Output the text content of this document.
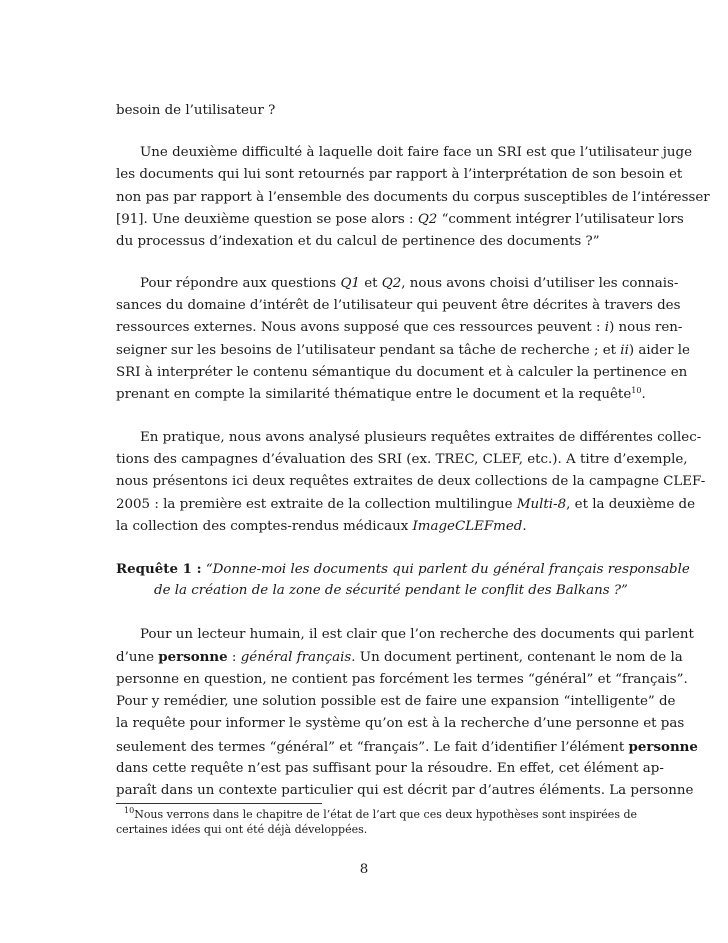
besoin de l’utilisateur ?
Une deuxième difficulté à laquelle doit faire face un SRI est que l’utilisateur juge
les documents qui lui sont retournés par rapport à l’interprétation de son besoin et
non pas par rapport à l’ensemble des documents du corpus susceptibles de l’intéresser
[91]. Une deuxième question se pose alors : Q2 “comment intégrer l’utilisateur lors
du processus d’indexation et du calcul de pertinence des documents ?”
Pour répondre aux questions Q1 et Q2, nous avons choisi d’utiliser les connais-
sances du domaine d’intérêt de l’utilisateur qui peuvent être décrites à travers des
ressources externes. Nous avons supposé que ces ressources peuvent : i) nous ren-
seigner sur les besoins de l’utilisateur pendant sa tâche de recherche ; et ii) aider le
SRI à interpréter le contenu sémantique du document et à calculer la pertinence en
prenant en compte la similarité thématique entre le document et la requête$^{10}$.
En pratique, nous avons analysé plusieurs requêtes extraites de différentes collec-
tions des campagnes d’évaluation des SRI (ex. TREC, CLEF, etc.). A titre d’exemple,
nous présentons ici deux requêtes extraites de deux collections de la campagne CLEF-
2005 : la première est extraite de la collection multilingue Multi-8, et la deuxième de
la collection des comptes-rendus médicaux ImageCLEFmed.
Requête 1 : “Donne-moi les documents qui parlent du général français responsable
de la création de la zone de sécurité pendant le conflit des Balkans ?”
Pour un lecteur humain, il est clair que l’on recherche des documents qui parlent
d’une personne : général français. Un document pertinent, contenant le nom de la
personne en question, ne contient pas forcément les termes “général” et “français”.
Pour y remédier, une solution possible est de faire une expansion “intelligente” de
la requête pour informer le système qu’on est à la recherche d’une personne et pas
seulement des termes “général” et “français”. Le fait d’identifier l’élément personne
dans cette requête n’est pas suffisant pour la résoudre. En effet, cet élément ap-
paraît dans un contexte particulier qui est décrit par d’autres éléments. La personne
$^{10}$Nous verrons dans le chapitre de l’état de l’art que ces deux hypothèses sont inspirées de
certaines idées qui ont été déjà développées.
8
